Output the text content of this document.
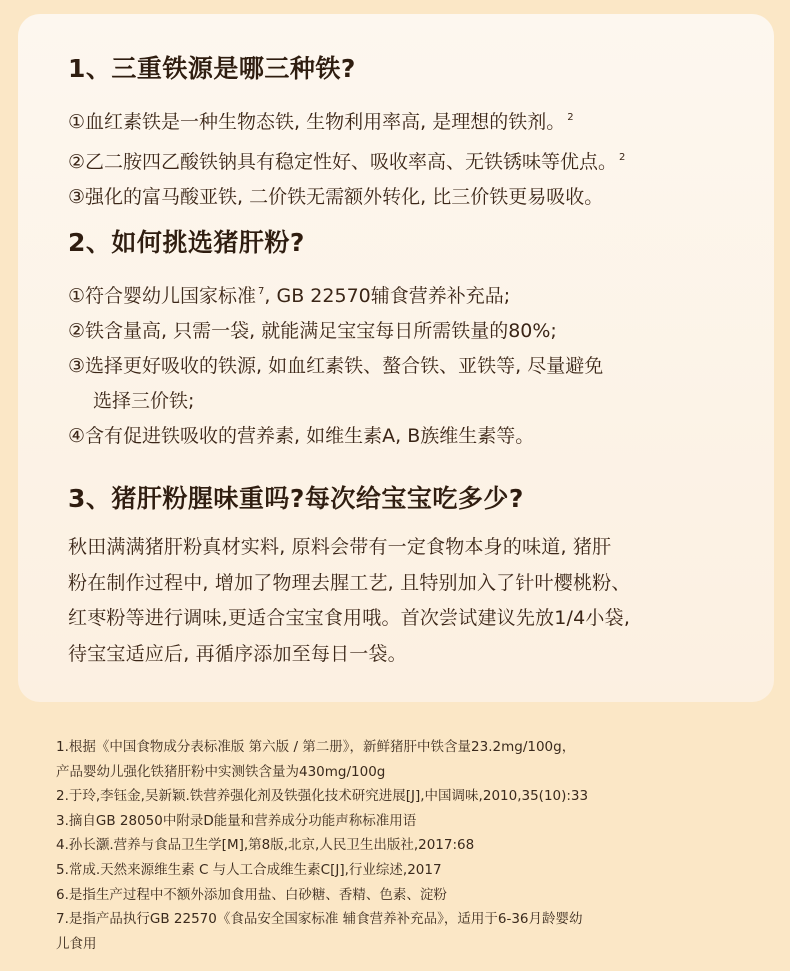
1、三重铁源是哪三种铁?
①血红素铁是一种生物态铁, 生物利用率高, 是理想的铁剂。 $^2$
②乙二胺四乙酸铁钠具有稳定性好、吸收率高、无铁锈味等优点。 $^2$
③强化的富马酸亚铁, 二价铁无需额外转化, 比三价铁更易吸收。
2、如何挑选猪肝粉?
①符合婴幼儿国家标准 $^7$, GB 22570辅食营养补充品;
②铁含量高, 只需一袋, 就能满足宝宝每日所需铁量的80%;
③选择更好吸收的铁源, 如血红素铁、螯合铁、亚铁等, 尽量避免
选择三价铁;
④含有促进铁吸收的营养素, 如维生素A, B族维生素等。
3、猪肝粉腥味重吗?每次给宝宝吃多少?
秋田满满猪肝粉真材实料, 原料会带有一定食物本身的味道, 猪肝
粉在制作过程中, 增加了物理去腥工艺, 且特别加入了针叶樱桃粉、
红枣粉等进行调味,更适合宝宝食用哦。首次尝试建议先放1/4小袋,
待宝宝适应后, 再循序添加至每日一袋。
1.根据《中国食物成分表标准版 第六版 / 第二册》，新鲜猪肝中铁含量23.2mg/100g，
产品婴幼儿强化铁猪肝粉中实测铁含量为430mg/100g
2.于玲,李钰金,吴新颖.铁营养强化剂及铁强化技术研究进展[J],中国调味,2010,35(10):33
3.摘自GB 28050中附录D能量和营养成分功能声称标准用语
4.孙长灏.营养与食品卫生学[M],第8版,北京,人民卫生出版社,2017:68
5.常成.天然来源维生素 C 与人工合成维生素C[J],行业综述,2017
6.是指生产过程中不额外添加食用盐、白砂糖、香精、色素、淀粉
7.是指产品执行GB 22570《食品安全国家标准 辅食营养补充品》，适用于6-36月龄婴幼
儿食用
